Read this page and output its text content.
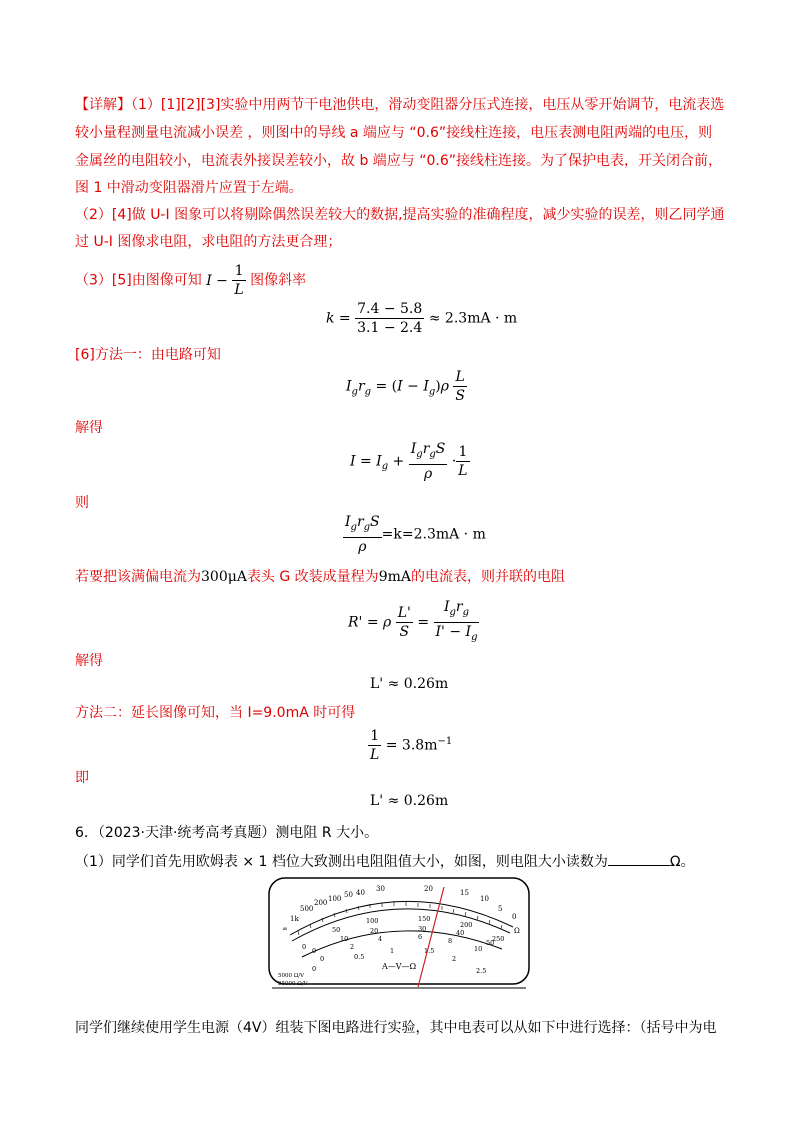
【详解】（1）[1][2][3]实验中用两节干电池供电，滑动变阻器分压式连接，电压从零开始调节，电流表选
较小量程测量电流减小误差 ，则图中的导线 a 端应与 “0.6”接线柱连接，电压表测电阻两端的电压，则
金属丝的电阻较小，电流表外接误差较小，故 b 端应与 “0.6”接线柱连接。为了保护电表，开关闭合前，
图 1 中滑动变阻器滑片应置于左端。
（2）[4]做 U-I 图象可以将剔除偶然误差较大的数据,提高实验的准确程度，减少实验的误差，则乙同学通
过 U-I 图像求电阻，求电阻的方法更合理；
（3）[5]由图像可知 $I - \frac{1}{L}$ 图像斜率
$k = \frac{7.4 - 5.8}{3.1 - 2.4} \approx 2.3mA \cdot m$
[6]方法一：由电路可知
$I_gr_g = (I - I_g)\rho \frac{L}{S}$
解得
$I = I_g + \frac{I_gr_gS}{\rho} \cdot \frac{1}{L}$
则
$\frac{I_gr_gS}{\rho} =k=2.3mA \cdot m$
若要把该满偏电流为300μA表头 G 改装成量程为9mA的电流表，则并联的电阻
R' = ρ $\frac{L'}{S} = \frac{I_gr_g}{I' - I_g}$
解得
L' ≈ 0.26m
方法二：延长图像可知，当 I=9.0mA 时可得
$\frac{1}{L} = 3.8m^{-1}$
即
L' ≈ 0.26m
6．（2023·天津·统考高考真题）测电阻 R 大小。
（1）同学们首先用欧姆表 × 1 档位大致测出电阻阻值大小，如图，则电阻大小读数为	Ω。
∞
1k
500
200 100 50 40 30	20	15
10
5
0
Ω
0
50
100	150
200
250
0
10
20	30	40
50
0
2
4	6	8
10
0
0.5
1	1.5
2
2.5
A—V—Ω
5000 Ω/V
25000 Ω/V
同学们继续使用学生电源（4V）组装下图电路进行实验，其中电表可以从如下中进行选择：（括号中为电
